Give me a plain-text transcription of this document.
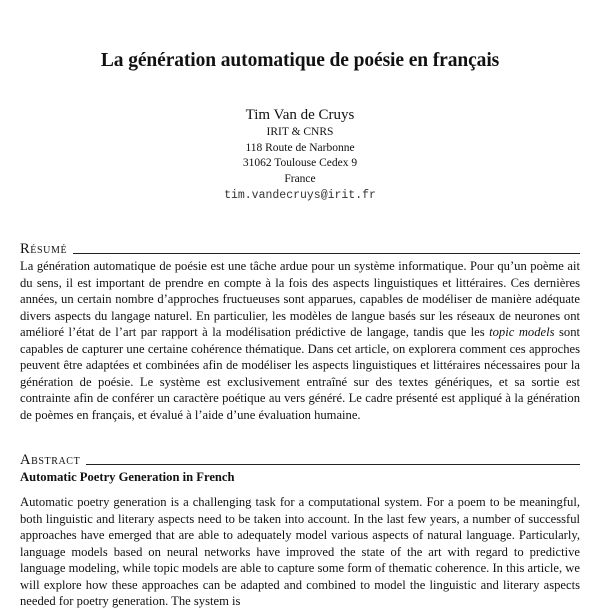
La génération automatique de poésie en français
Tim Van de Cruys
IRIT & CNRS
118 Route de Narbonne
31062 Toulouse Cedex 9
France
tim.vandecruys@irit.fr
Résumé

La génération automatique de poésie est une tâche ardue pour un système informatique. Pour qu’un poème ait du sens, il est important de prendre en compte à la fois des aspects linguistiques et littéraires. Ces dernières années, un certain nombre d’approches fructueuses sont apparues, capables de modéliser de manière adéquate divers aspects du langage naturel. En particulier, les modèles de langue basés sur les réseaux de neurones ont amélioré l’état de l’art par rapport à la modélisation prédictive de langage, tandis que les topic models sont capables de capturer une certaine cohérence thématique. Dans cet article, on explorera comment ces approches peuvent être adaptées et combinées afin de modéliser les aspects linguistiques et littéraires nécessaires pour la génération de poésie. Le système est exclusivement entraîné sur des textes génériques, et sa sortie est contrainte afin de conférer un caractère poétique au vers généré. Le cadre présenté est appliqué à la génération de poèmes en français, et évalué à l’aide d’une évaluation humaine.

Abstract
Automatic Poetry Generation in French

Automatic poetry generation is a challenging task for a computational system. For a poem to be meaningful, both linguistic and literary aspects need to be taken into account. In the last few years, a number of successful approaches have emerged that are able to adequately model various aspects of natural language. Particularly, language models based on neural networks have improved the state of the art with regard to predictive language modeling, while topic models are able to capture some form of thematic coherence. In this article, we will explore how these approaches can be adapted and combined to model the linguistic and literary aspects needed for poetry generation. The system is
